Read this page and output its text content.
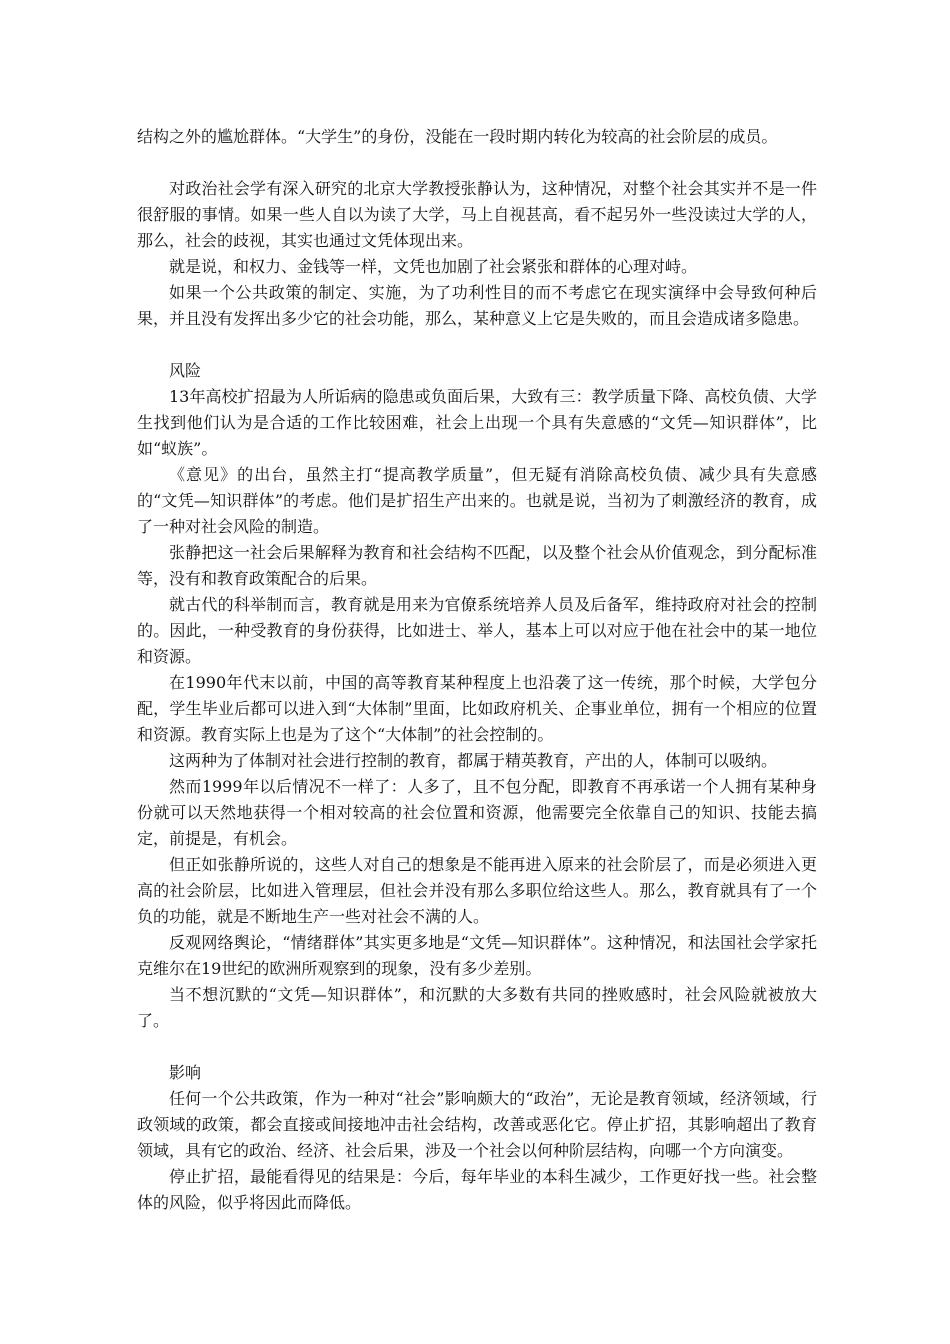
结构之外的尴尬群体。“大学生”的身份，没能在一段时期内转化为较高的社会阶层的成员。

对政治社会学有深入研究的北京大学教授张静认为，这种情况，对整个社会其实并不是一件很舒服的事情。如果一些人自以为读了大学，马上自视甚高，看不起另外一些没读过大学的人，那么，社会的歧视，其实也通过文凭体现出来。

就是说，和权力、金钱等一样，文凭也加剧了社会紧张和群体的心理对峙。

如果一个公共政策的制定、实施，为了功利性目的而不考虑它在现实演绎中会导致何种后果，并且没有发挥出多少它的社会功能，那么，某种意义上它是失败的，而且会造成诸多隐患。

风险

13年高校扩招最为人所诟病的隐患或负面后果，大致有三：教学质量下降、高校负债、大学生找到他们认为是合适的工作比较困难，社会上出现一个具有失意感的“文凭—知识群体”，比如“蚁族”。

《意见》的出台，虽然主打“提高教学质量”，但无疑有消除高校负债、减少具有失意感的“文凭—知识群体”的考虑。他们是扩招生产出来的。也就是说，当初为了刺激经济的教育，成了一种对社会风险的制造。

张静把这一社会后果解释为教育和社会结构不匹配，以及整个社会从价值观念，到分配标准等，没有和教育政策配合的后果。

就古代的科举制而言，教育就是用来为官僚系统培养人员及后备军，维持政府对社会的控制的。因此，一种受教育的身份获得，比如进士、举人，基本上可以对应于他在社会中的某一地位和资源。

在1990年代末以前，中国的高等教育某种程度上也沿袭了这一传统，那个时候，大学包分配，学生毕业后都可以进入到“大体制”里面，比如政府机关、企事业单位，拥有一个相应的位置和资源。教育实际上也是为了这个“大体制”的社会控制的。

这两种为了体制对社会进行控制的教育，都属于精英教育，产出的人，体制可以吸纳。

然而1999年以后情况不一样了：人多了，且不包分配，即教育不再承诺一个人拥有某种身份就可以天然地获得一个相对较高的社会位置和资源，他需要完全依靠自己的知识、技能去搞定，前提是，有机会。

但正如张静所说的，这些人对自己的想象是不能再进入原来的社会阶层了，而是必须进入更高的社会阶层，比如进入管理层，但社会并没有那么多职位给这些人。那么，教育就具有了一个负的功能，就是不断地生产一些对社会不满的人。

反观网络舆论，“情绪群体”其实更多地是“文凭—知识群体”。这种情况，和法国社会学家托克维尔在19世纪的欧洲所观察到的现象，没有多少差别。

当不想沉默的“文凭—知识群体”，和沉默的大多数有共同的挫败感时，社会风险就被放大了。

影响

任何一个公共政策，作为一种对“社会”影响颇大的“政治”，无论是教育领域，经济领域，行政领域的政策，都会直接或间接地冲击社会结构，改善或恶化它。停止扩招，其影响超出了教育领域，具有它的政治、经济、社会后果，涉及一个社会以何种阶层结构，向哪一个方向演变。

停止扩招，最能看得见的结果是：今后，每年毕业的本科生减少，工作更好找一些。社会整体的风险，似乎将因此而降低。
